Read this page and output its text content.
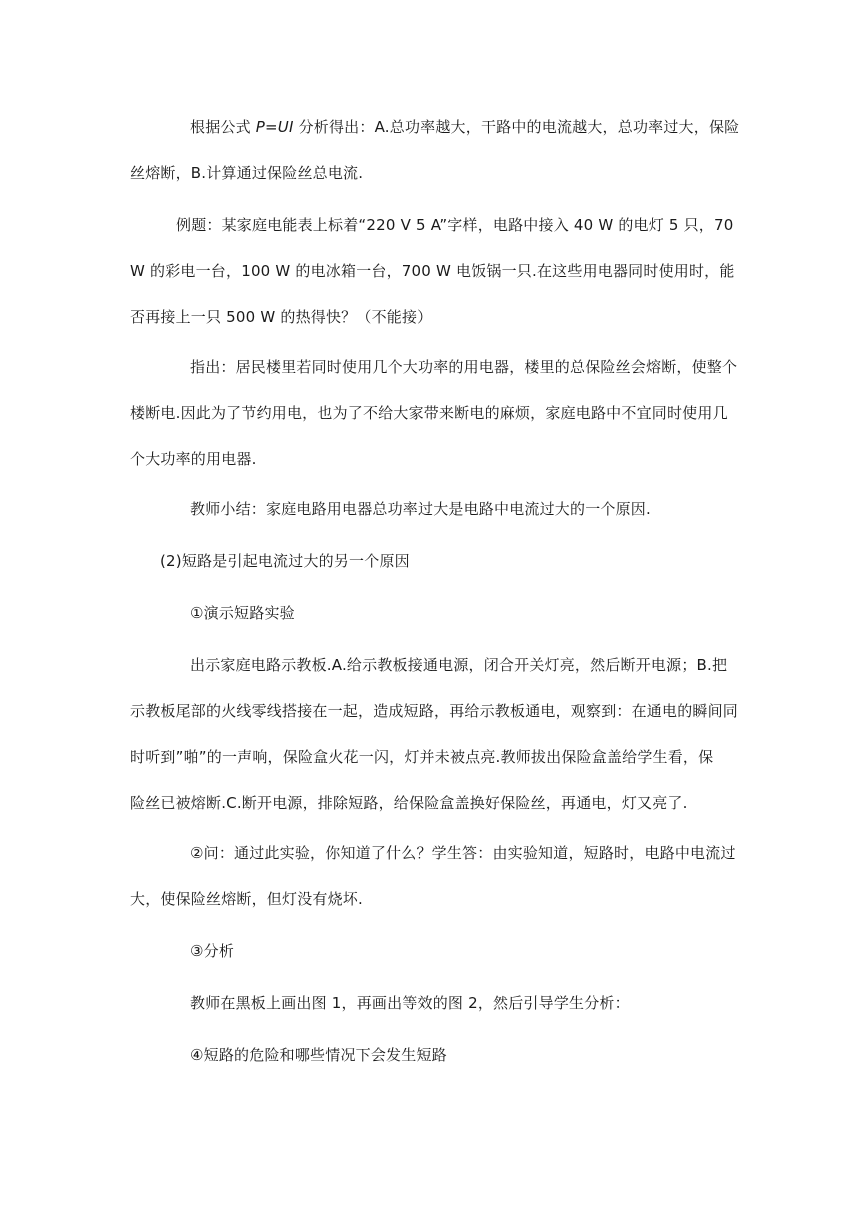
根据公式 P=UI 分析得出：A.总功率越大，干路中的电流越大，总功率过大，保险
丝熔断，B.计算通过保险丝总电流.
例题：某家庭电能表上标着“220 V 5 A”字样，电路中接入 40 W 的电灯 5 只，70
W 的彩电一台，100 W 的电冰箱一台，700 W 电饭锅一只.在这些用电器同时使用时，能
否再接上一只 500 W 的热得快？（不能接）
指出：居民楼里若同时使用几个大功率的用电器，楼里的总保险丝会熔断，使整个
楼断电.因此为了节约用电，也为了不给大家带来断电的麻烦，家庭电路中不宜同时使用几
个大功率的用电器.
教师小结：家庭电路用电器总功率过大是电路中电流过大的一个原因.
(2)短路是引起电流过大的另一个原因
①演示短路实验
出示家庭电路示教板.A.给示教板接通电源，闭合开关灯亮，然后断开电源；B.把
示教板尾部的火线零线搭接在一起，造成短路，再给示教板通电，观察到：在通电的瞬间同
时听到”啪”的一声响，保险盒火花一闪，灯并未被点亮.教师拔出保险盒盖给学生看，保
险丝已被熔断.C.断开电源，排除短路，给保险盒盖换好保险丝，再通电，灯又亮了.
②问：通过此实验，你知道了什么？学生答：由实验知道，短路时，电路中电流过
大，使保险丝熔断，但灯没有烧坏.
③分析
教师在黑板上画出图 1，再画出等效的图 2，然后引导学生分析：
④短路的危险和哪些情况下会发生短路
